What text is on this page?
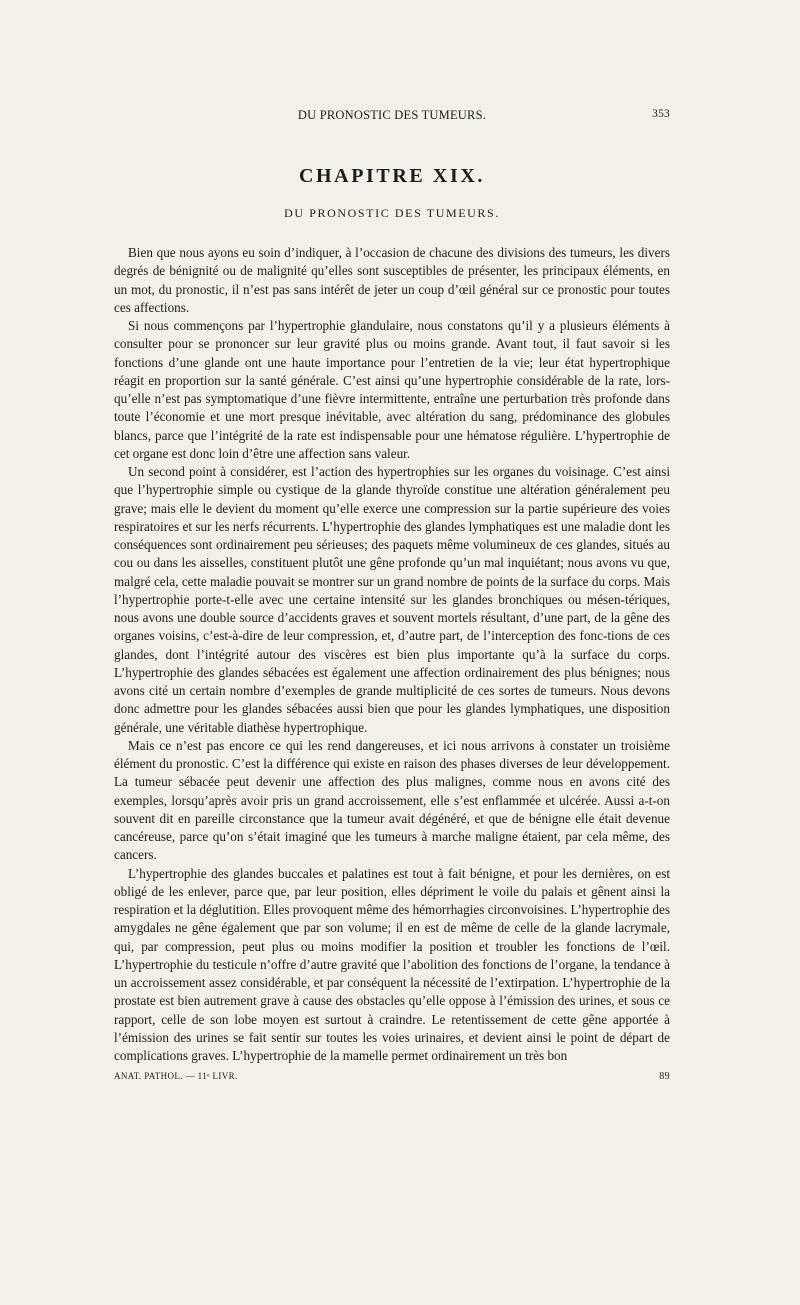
DU PRONOSTIC DES TUMEURS.	353
CHAPITRE XIX.
DU PRONOSTIC DES TUMEURS.

Bien que nous ayons eu soin d’indiquer, à l’occasion de chacune des divisions des tumeurs, les divers degrés de bénignité ou de malignité qu’elles sont susceptibles de présenter, les principaux éléments, en un mot, du pronostic, il n’est pas sans intérêt de jeter un coup d’œil général sur ce pronostic pour toutes ces affections.

Si nous commençons par l’hypertrophie glandulaire, nous constatons qu’il y a plusieurs éléments à consulter pour se prononcer sur leur gravité plus ou moins grande. Avant tout, il faut savoir si les fonctions d’une glande ont une haute importance pour l’entretien de la vie; leur état hypertrophique réagit en proportion sur la santé générale. C’est ainsi qu’une hypertrophie considérable de la rate, lors-qu’elle n’est pas symptomatique d’une fièvre intermittente, entraîne une perturbation très profonde dans toute l’économie et une mort presque inévitable, avec altération du sang, prédominance des globules blancs, parce que l’intégrité de la rate est indispensable pour une hématose régulière. L’hypertrophie de cet organe est donc loin d’être une affection sans valeur.

Un second point à considérer, est l’action des hypertrophies sur les organes du voisinage. C’est ainsi que l’hypertrophie simple ou cystique de la glande thyroïde constitue une altération généralement peu grave; mais elle le devient du moment qu’elle exerce une compression sur la partie supérieure des voies respiratoires et sur les nerfs récurrents. L’hypertrophie des glandes lymphatiques est une maladie dont les conséquences sont ordinairement peu sérieuses; des paquets même volumineux de ces glandes, situés au cou ou dans les aisselles, constituent plutôt une gêne profonde qu’un mal inquiétant; nous avons vu que, malgré cela, cette maladie pouvait se montrer sur un grand nombre de points de la surface du corps. Mais l’hypertrophie porte-t-elle avec une certaine intensité sur les glandes bronchiques ou mésen-tériques, nous avons une double source d’accidents graves et souvent mortels résultant, d’une part, de la gêne des organes voisins, c’est-à-dire de leur compression, et, d’autre part, de l’interception des fonc-tions de ces glandes, dont l’intégrité autour des viscères est bien plus importante qu’à la surface du corps. L’hypertrophie des glandes sébacées est également une affection ordinairement des plus bénignes; nous avons cité un certain nombre d’exemples de grande multiplicité de ces sortes de tumeurs. Nous devons donc admettre pour les glandes sébacées aussi bien que pour les glandes lymphatiques, une disposition générale, une véritable diathèse hypertrophique.

Mais ce n’est pas encore ce qui les rend dangereuses, et ici nous arrivons à constater un troisième élément du pronostic. C’est la différence qui existe en raison des phases diverses de leur développement. La tumeur sébacée peut devenir une affection des plus malignes, comme nous en avons cité des exemples, lorsqu’après avoir pris un grand accroissement, elle s’est enflammée et ulcérée. Aussi a-t-on souvent dit en pareille circonstance que la tumeur avait dégénéré, et que de bénigne elle était devenue cancéreuse, parce qu’on s’était imaginé que les tumeurs à marche maligne étaient, par cela même, des cancers.

L’hypertrophie des glandes buccales et palatines est tout à fait bénigne, et pour les dernières, on est obligé de les enlever, parce que, par leur position, elles dépriment le voile du palais et gênent ainsi la respiration et la déglutition. Elles provoquent même des hémorrhagies circonvoisines. L’hypertrophie des amygdales ne gêne également que par son volume; il en est de même de celle de la glande lacrymale, qui, par compression, peut plus ou moins modifier la position et troubler les fonctions de l’œil. L’hypertrophie du testicule n’offre d’autre gravité que l’abolition des fonctions de l’organe, la tendance à un accroissement assez considérable, et par conséquent la nécessité de l’extirpation. L’hypertrophie de la prostate est bien autrement grave à cause des obstacles qu’elle oppose à l’émission des urines, et sous ce rapport, celle de son lobe moyen est surtout à craindre. Le retentissement de cette gêne apportée à l’émission des urines se fait sentir sur toutes les voies urinaires, et devient ainsi le point de départ de complications graves. L’hypertrophie de la mamelle permet ordinairement un très bon

ANAT. PATHOL. — 11ᵉ LIVR.	89
